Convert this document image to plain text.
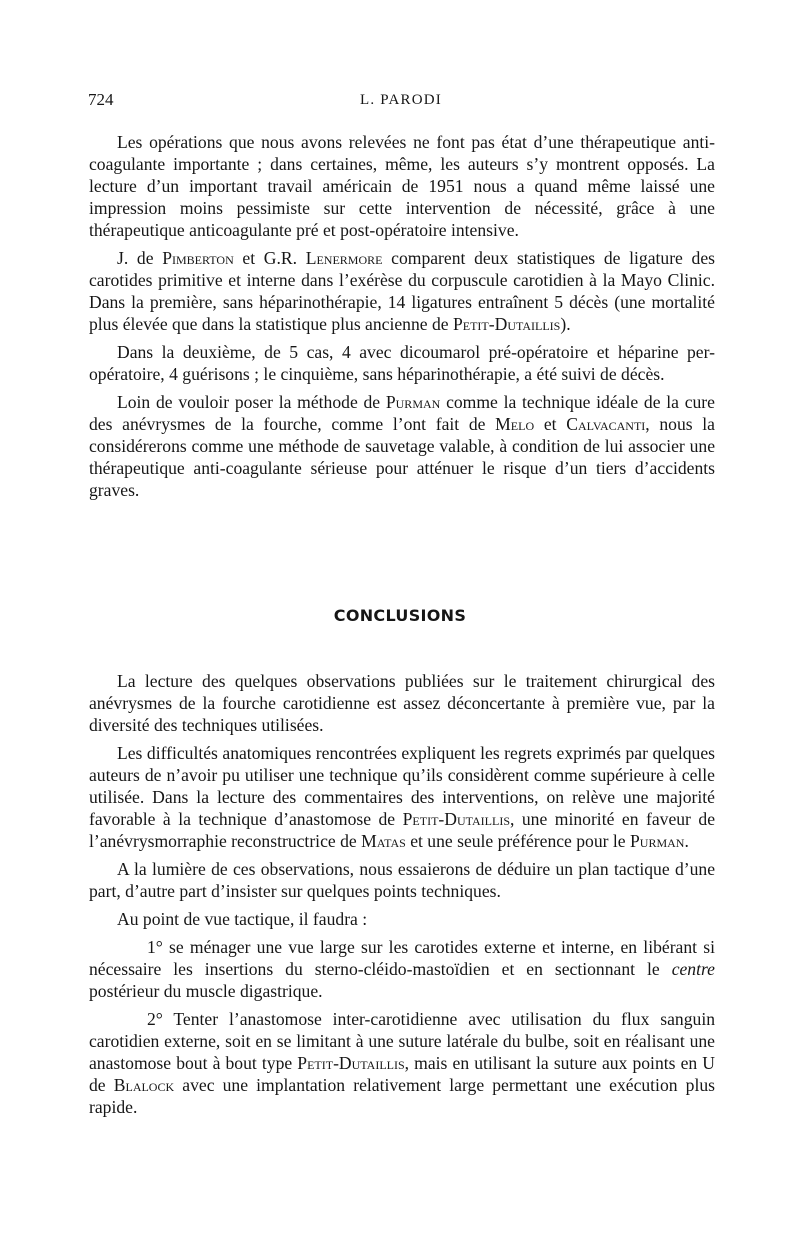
724	L. PARODI

Les opérations que nous avons relevées ne font pas état d’une thérapeutique anti-coagulante importante ; dans certaines, même, les auteurs s’y montrent opposés. La lecture d’un important travail américain de 1951 nous a quand même laissé une impression moins pessimiste sur cette intervention de nécessité, grâce à une thérapeutique anticoagulante pré et post-opératoire intensive.

J. de Pimberton et G.R. Lenermore comparent deux statistiques de ligature des carotides primitive et interne dans l’exérèse du corpuscule carotidien à la Mayo Clinic. Dans la première, sans héparinothérapie, 14 ligatures entraînent 5 décès (une mortalité plus élevée que dans la statistique plus ancienne de Petit-Dutaillis).

Dans la deuxième, de 5 cas, 4 avec dicoumarol pré-opératoire et héparine per-opératoire, 4 guérisons ; le cinquième, sans héparinothérapie, a été suivi de décès.

Loin de vouloir poser la méthode de Purman comme la technique idéale de la cure des anévrysmes de la fourche, comme l’ont fait de Melo et Calvacanti, nous la considérerons comme une méthode de sauvetage valable, à condition de lui associer une thérapeutique anti-coagulante sérieuse pour atténuer le risque d’un tiers d’accidents graves.

CONCLUSIONS

La lecture des quelques observations publiées sur le traitement chirurgical des anévrysmes de la fourche carotidienne est assez déconcertante à première vue, par la diversité des techniques utilisées.

Les difficultés anatomiques rencontrées expliquent les regrets exprimés par quelques auteurs de n’avoir pu utiliser une technique qu’ils considèrent comme supérieure à celle utilisée. Dans la lecture des commentaires des interventions, on relève une majorité favorable à la technique d’anastomose de Petit-Dutaillis, une minorité en faveur de l’anévrysmorraphie reconstructrice de Matas et une seule préférence pour le Purman.

A la lumière de ces observations, nous essaierons de déduire un plan tactique d’une part, d’autre part d’insister sur quelques points techniques.

Au point de vue tactique, il faudra :

1° se ménager une vue large sur les carotides externe et interne, en libérant si nécessaire les insertions du sterno-cléido-mastoïdien et en sectionnant le centre postérieur du muscle digastrique.

2° Tenter l’anastomose inter-carotidienne avec utilisation du flux sanguin carotidien externe, soit en se limitant à une suture latérale du bulbe, soit en réalisant une anastomose bout à bout type Petit-Dutaillis, mais en utilisant la suture aux points en U de Blalock avec une implantation relativement large permettant une exécution plus rapide.
